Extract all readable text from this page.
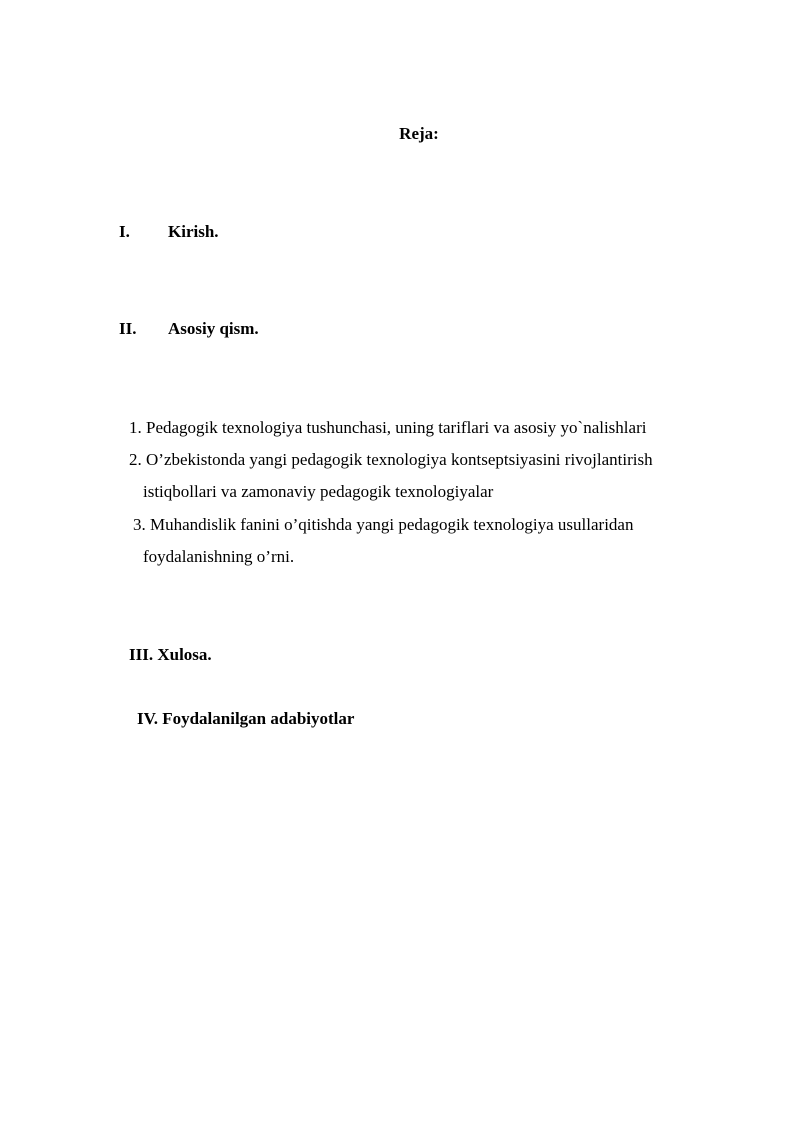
Reja:
I. Kirish.
II. Asosiy qism.
1. Pedagogik texnologiya tushunchasi, uning tariflari va asosiy yo`nalishlari
2. O’zbekistonda yangi pedagogik texnologiya kontseptsiyasini rivojlantirish
istiqbollari va zamonaviy pedagogik texnologiyalar
3. Muhandislik fanini o’qitishda yangi pedagogik texnologiya usullaridan
foydalanishning o’rni.
III. Xulosa.
IV. Foydalanilgan adabiyotlar
